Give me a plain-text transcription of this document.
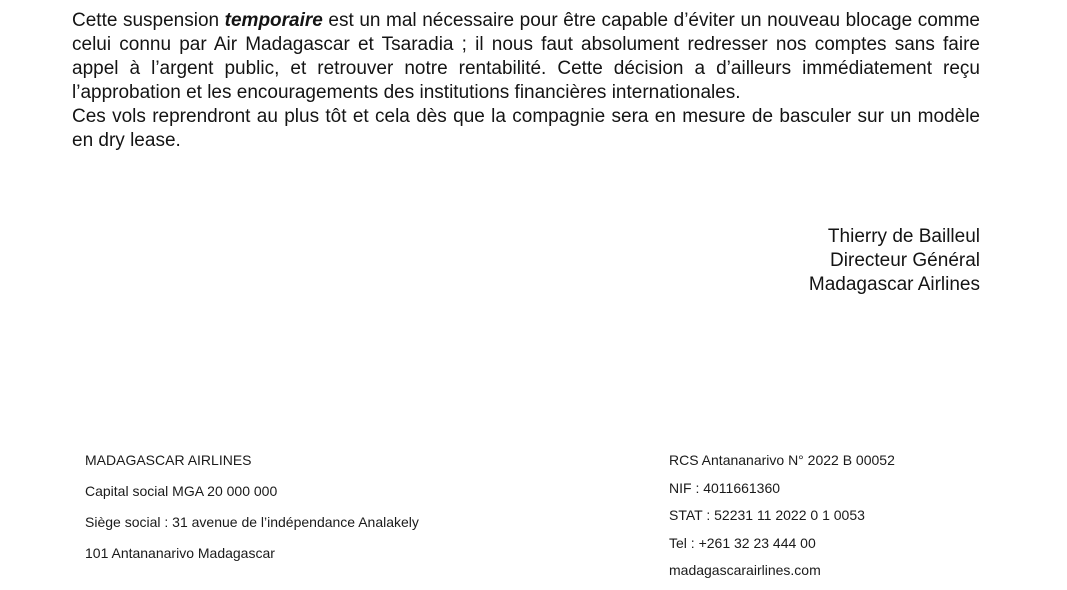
Cette suspension temporaire est un mal nécessaire pour être capable d’éviter un nouveau blocage comme celui connu par Air Madagascar et Tsaradia ; il nous faut absolument redresser nos comptes sans faire appel à l’argent public, et retrouver notre rentabilité. Cette décision a d’ailleurs immédiatement reçu l’approbation et les encouragements des institutions financières internationales.

Ces vols reprendront au plus tôt et cela dès que la compagnie sera en mesure de basculer sur un modèle en dry lease.

Thierry de Bailleul
Directeur Général
Madagascar Airlines
MADAGASCAR AIRLINES
Capital social MGA 20 000 000
Siège social : 31 avenue de l’indépendance Analakely
101 Antananarivo Madagascar
RCS Antananarivo N° 2022 B 00052
NIF : 4011661360
STAT : 52231 11 2022 0 1 0053
Tel : +261 32 23 444 00
madagascarairlines.com
